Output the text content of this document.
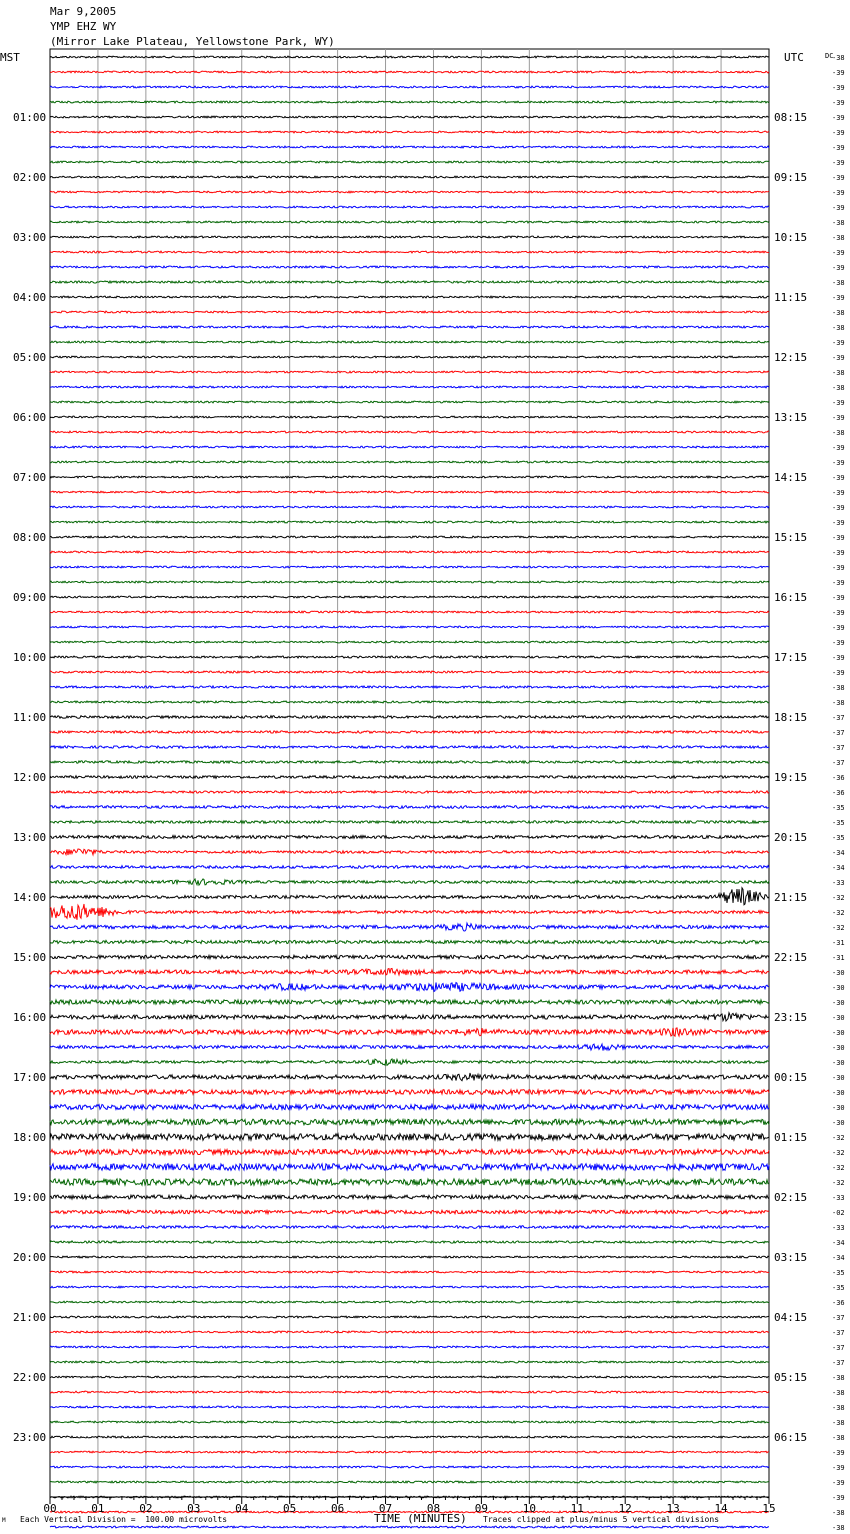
Mar 9,2005
YMP EHZ WY
(Mirror Lake Plateau, Yellowstone Park, WY)
MST	UTC	DC
01:00
02:00
03:00
04:00
05:00
06:00
07:00
08:00
09:00
10:00
11:00
12:00
13:00
14:00
15:00
16:00
17:00
18:00
19:00
20:00
21:00
22:00
23:00
08:15
09:15
10:15
11:15
12:15
13:15
14:15
15:15
16:15
17:15
18:15
19:15
20:15
21:15
22:15
23:15
00:15
01:15
02:15
03:15
04:15
05:15
06:15
-38
-39
-39
-39
-39
-39
-39
-39
-39
-39
-39
-38
-38
-39
-39
-38
-39
-38
-38
-39
-39
-38
-38
-39
-39
-38
-39
-39
-39
-39
-39
-39
-39
-39
-39
-39
-39
-39
-39
-39
-39
-39
-38
-38
-37
-37
-37
-37
-36
-36
-35
-35
-35
-34
-34
-33
-32
-32
-32
-31
-31
-30
-30
-30
-30
-30
-30
-30
-30
-30
-30
-30
-32
-32
-32
-32
-33
-02
-33
-34
-34
-35
-35
-36
-37
-37
-37
-37
-38
-38
-38
-38
-38
-39
-39
-39
-39
-38
-38
00	01	02	03	04	05	06	07	08	09	10	11	12	13	14	15
M Each Vertical Division =  100.00 microvolts	TIME (MINUTES) Traces clipped at plus/minus 5 vertical divisions
